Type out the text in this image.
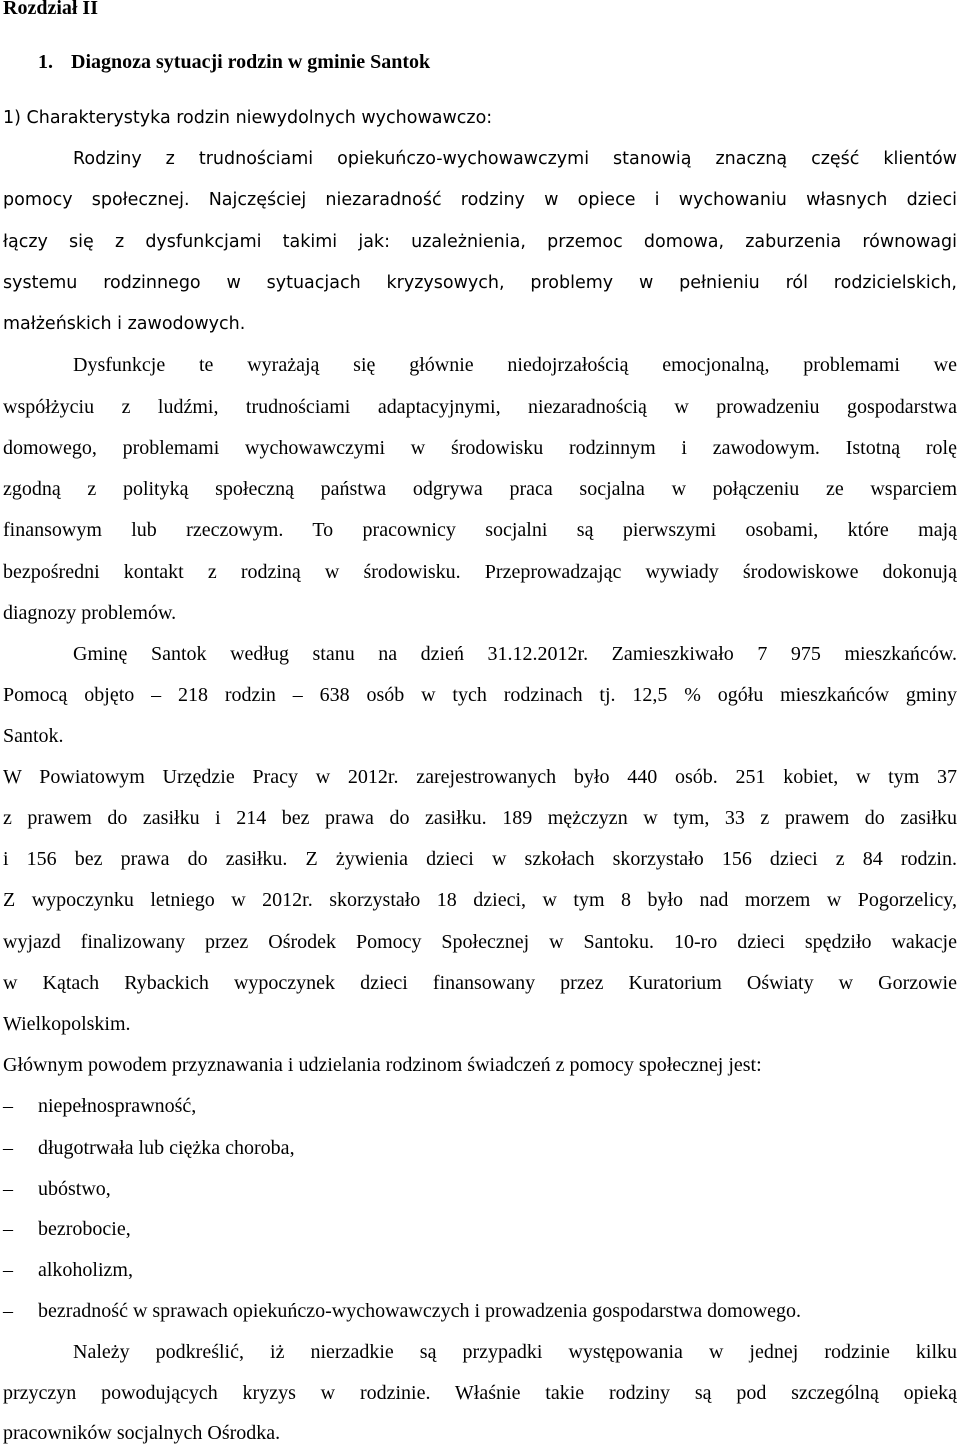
Rozdział II
1. Diagnoza sytuacji rodzin w gminie Santok
1) Charakterystyka rodzin niewydolnych wychowawczo:
Rodziny z trudnościami opiekuńczo-wychowawczymi stanowią znaczną część klientów
pomocy społecznej. Najczęściej niezaradność rodziny w opiece i wychowaniu własnych dzieci
łączy się z dysfunkcjami takimi jak: uzależnienia, przemoc domowa, zaburzenia równowagi
systemu rodzinnego w sytuacjach kryzysowych, problemy w pełnieniu ról rodzicielskich,
małżeńskich i zawodowych.
Dysfunkcje te wyrażają się głównie niedojrzałością emocjonalną, problemami we
współżyciu z ludźmi, trudnościami adaptacyjnymi, niezaradnością w prowadzeniu gospodarstwa
domowego, problemami wychowawczymi w środowisku rodzinnym i zawodowym. Istotną rolę
zgodną z polityką społeczną państwa odgrywa praca socjalna w połączeniu ze wsparciem
finansowym lub rzeczowym. To pracownicy socjalni są pierwszymi osobami, które mają
bezpośredni kontakt z rodziną w środowisku. Przeprowadzając wywiady środowiskowe dokonują
diagnozy problemów.
Gminę Santok według stanu na dzień 31.12.2012r. Zamieszkiwało 7 975 mieszkańców.
Pomocą objęto – 218 rodzin – 638 osób w tych rodzinach tj. 12,5 % ogółu mieszkańców gminy
Santok.
W Powiatowym Urzędzie Pracy w 2012r. zarejestrowanych było 440 osób. 251 kobiet, w tym 37
z prawem do zasiłku i 214 bez prawa do zasiłku. 189 mężczyzn w tym, 33 z prawem do zasiłku
i 156 bez prawa do zasiłku. Z żywienia dzieci w szkołach skorzystało 156 dzieci z 84 rodzin.
Z wypoczynku letniego w 2012r. skorzystało 18 dzieci, w tym 8 było nad morzem w Pogorzelicy,
wyjazd finalizowany przez Ośrodek Pomocy Społecznej w Santoku. 10-ro dzieci spędziło wakacje
w Kątach Rybackich wypoczynek dzieci finansowany przez Kuratorium Oświaty w Gorzowie
Wielkopolskim.
Głównym powodem przyznawania i udzielania rodzinom świadczeń z pomocy społecznej jest:
– niepełnosprawność,
– długotrwała lub ciężka choroba,
– ubóstwo,
– bezrobocie,
– alkoholizm,
– bezradność w sprawach opiekuńczo-wychowawczych i prowadzenia gospodarstwa domowego.
Należy podkreślić, iż nierzadkie są przypadki występowania w jednej rodzinie kilku
przyczyn powodujących kryzys w rodzinie. Właśnie takie rodziny są pod szczególną opieką
pracowników socjalnych Ośrodka.
